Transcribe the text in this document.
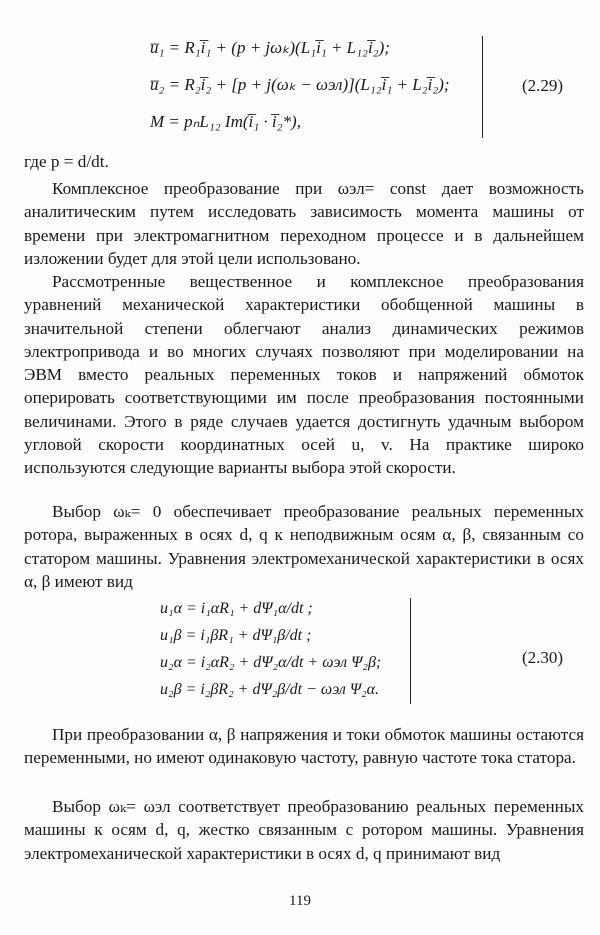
u̅₁ = R₁i̅₁ + (p + jωₖ)(L₁i̅₁ + L₁₂i̅₂);
u̅₂ = R₂i̅₂ + [p + j(ωₖ − ωэл)](L₁₂i̅₁ + L₂i̅₂);
M = pₙL₁₂ Im(i̅₁ · i̅₂*),
(2.29)

где p = d/dt.

Комплексное преобразование при ωэл= const дает возможность аналитическим путем исследовать зависимость момента машины от времени при электромагнитном переходном процессе и в дальнейшем изложении будет для этой цели использовано.

Рассмотренные вещественное и комплексное преобразования уравнений механической характеристики обобщенной машины в значительной степени облегчают анализ динамических режимов электропривода и во многих случаях позволяют при моделировании на ЭВМ вместо реальных переменных токов и напряжений обмоток оперировать соответствующими им после преобразования постоянными величинами. Этого в ряде случаев удается достигнуть удачным выбором угловой скорости координатных осей u, v. На практике широко используются следующие варианты выбора этой скорости.

Выбор ωₖ= 0 обеспечивает преобразование реальных переменных ротора, выраженных в осях d, q к неподвижным осям α, β, связанным со статором машины. Уравнения электромеханической характеристики в осях α, β имеют вид

u₁α = i₁αR₁ + dΨ₁α/dt ;
u₁β = i₁βR₁ + dΨ₁β/dt ;
u₂α = i₂αR₂ + dΨ₂α/dt + ωэл Ψ₂β;
u₂β = i₂βR₂ + dΨ₂β/dt − ωэл Ψ₂α.
(2.30)

При преобразовании α, β напряжения и токи обмоток машины остаются переменными, но имеют одинаковую частоту, равную частоте тока статора.

Выбор ωₖ= ωэл соответствует преобразованию реальных переменных машины к осям d, q, жестко связанным с ротором машины. Уравнения электромеханической характеристики в осях d, q принимают вид

119
